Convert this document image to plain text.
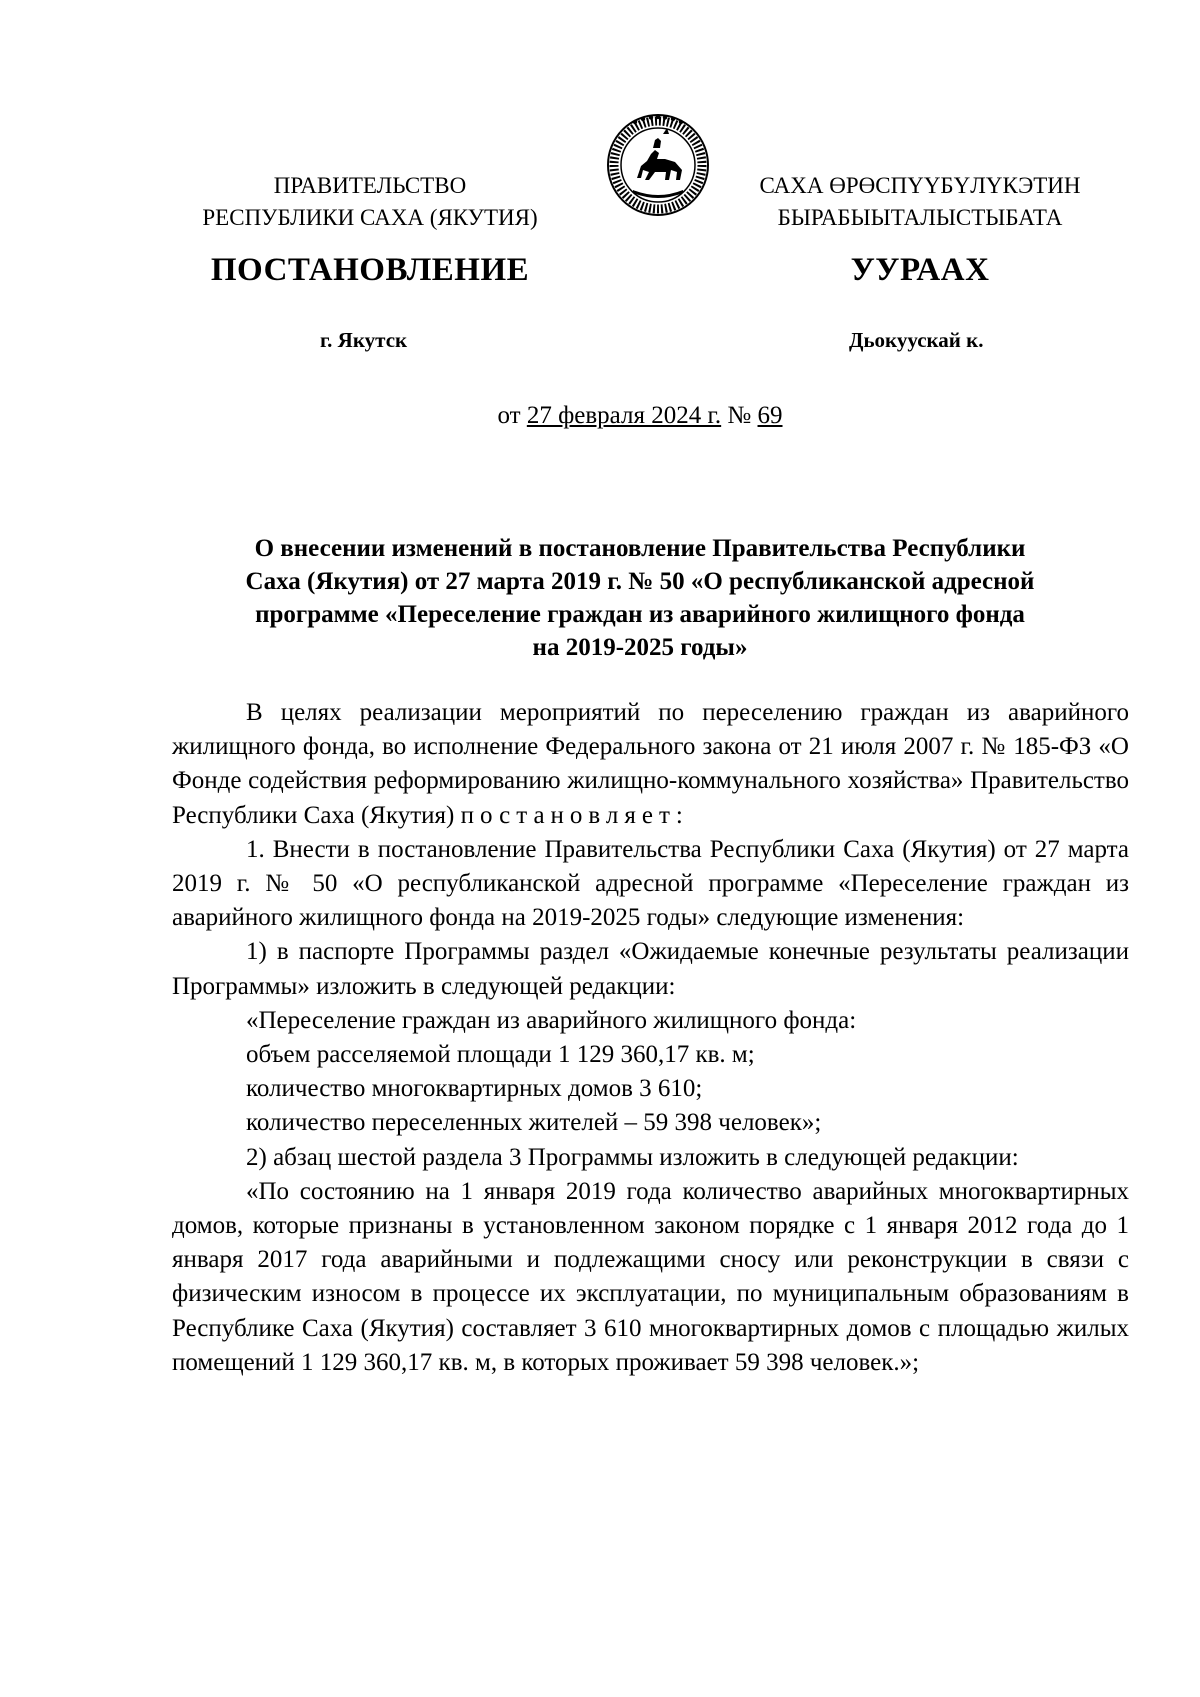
ПРАВИТЕЛЬСТВО
РЕСПУБЛИКИ САХА (ЯКУТИЯ)
САХА ӨРӨСПҮҮБҮЛҮКЭТИН
БЫРАБЫЫТАЛЫСТЫБАТА
ПОСТАНОВЛЕНИЕ	УУРААХ
г. Якутск	Дьокуускай к.
от 27 февраля 2024 г. № 69
О внесении изменений в постановление Правительства Республики
Саха (Якутия) от 27 марта 2019 г. № 50 «О республиканской адресной
программе «Переселение граждан из аварийного жилищного фонда
на 2019-2025 годы»

В целях реализации мероприятий по переселению граждан из аварийного жилищного фонда, во исполнение Федерального закона от 21 июля 2007 г. № 185-ФЗ «О Фонде содействия реформированию жилищно-коммунального хозяйства» Правительство Республики Саха (Якутия) постановляет:

1. Внести в постановление Правительства Республики Саха (Якутия) от 27 марта 2019 г. № 50 «О республиканской адресной программе «Переселение граждан из аварийного жилищного фонда на 2019-2025 годы» следующие изменения:

1) в паспорте Программы раздел «Ожидаемые конечные результаты реализации Программы» изложить в следующей редакции:

«Переселение граждан из аварийного жилищного фонда:

объем расселяемой площади 1 129 360,17 кв. м;

количество многоквартирных домов 3 610;

количество переселенных жителей – 59 398 человек»;

2) абзац шестой раздела 3 Программы изложить в следующей редакции:

«По состоянию на 1 января 2019 года количество аварийных многоквартирных домов, которые признаны в установленном законом порядке с 1 января 2012 года до 1 января 2017 года аварийными и подлежащими сносу или реконструкции в связи с физическим износом в процессе их эксплуатации, по муниципальным образованиям в Республике Саха (Якутия) составляет 3 610 многоквартирных домов с площадью жилых помещений 1 129 360,17 кв. м, в которых проживает 59 398 человек.»;
